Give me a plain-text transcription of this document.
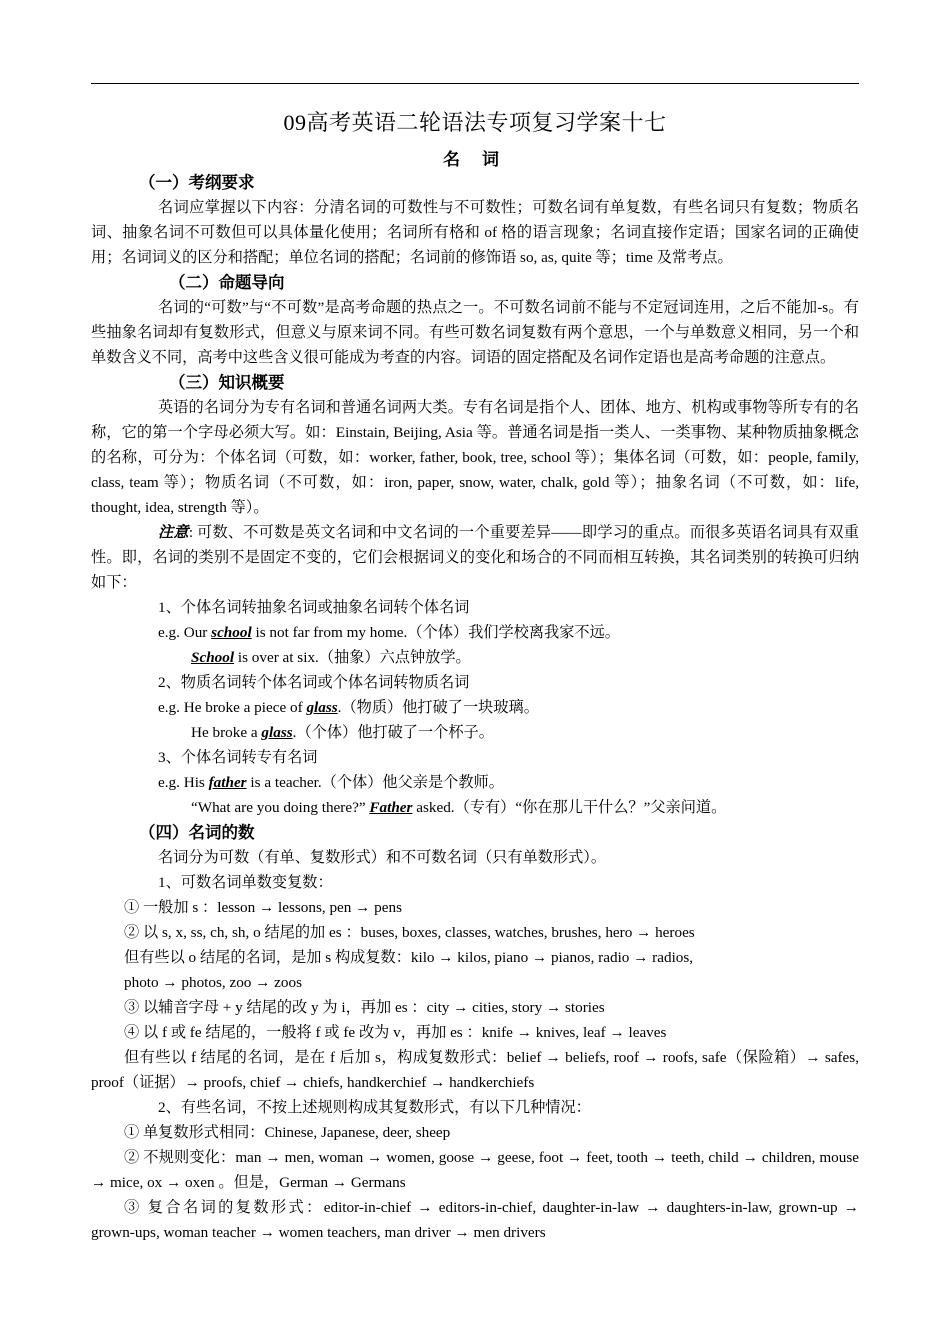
09高考英语二轮语法专项复习学案十七
名 词
（一）考纲要求

名词应掌握以下内容：分清名词的可数性与不可数性；可数名词有单复数，有些名词只有复数；物质名词、抽象名词不可数但可以具体量化使用；名词所有格和 of 格的语言现象；名词直接作定语；国家名词的正确使用；名词词义的区分和搭配；单位名词的搭配；名词前的修饰语 so, as, quite 等；time 及常考点。

（二）命题导向

名词的“可数”与“不可数”是高考命题的热点之一。不可数名词前不能与不定冠词连用，之后不能加-s。有些抽象名词却有复数形式，但意义与原来词不同。有些可数名词复数有两个意思，一个与单数意义相同，另一个和单数含义不同，高考中这些含义很可能成为考查的内容。词语的固定搭配及名词作定语也是高考命题的注意点。

（三）知识概要

英语的名词分为专有名词和普通名词两大类。专有名词是指个人、团体、地方、机构或事物等所专有的名称，它的第一个字母必须大写。如：Einstain, Beijing, Asia 等。普通名词是指一类人、一类事物、某种物质抽象概念的名称，可分为：个体名词（可数，如：worker, father, book, tree, school 等）；集体名词（可数，如：people, family, class, team 等）；物质名词（不可数，如：iron, paper, snow, water, chalk, gold 等）；抽象名词（不可数，如：life, thought, idea, strength 等）。

注意: 可数、不可数是英文名词和中文名词的一个重要差异——即学习的重点。而很多英语名词具有双重性。即，名词的类别不是固定不变的，它们会根据词义的变化和场合的不同而相互转换，其名词类别的转换可归纳如下：

1、个体名词转抽象名词或抽象名词转个体名词

e.g. Our school is not far from my home.（个体）我们学校离我家不远。

School is over at six.（抽象）六点钟放学。

2、物质名词转个体名词或个体名词转物质名词

e.g. He broke a piece of glass.（物质）他打破了一块玻璃。

He broke a glass.（个体）他打破了一个杯子。

3、个体名词转专有名词

e.g. His father is a teacher.（个体）他父亲是个教师。

“What are you doing there?” Father asked.（专有）“你在那儿干什么？”父亲问道。

（四）名词的数

名词分为可数（有单、复数形式）和不可数名词（只有单数形式）。

1、可数名词单数变复数：

① 一般加 s ：lesson → lessons, pen → pens

② 以 s, x, ss, ch, sh, o 结尾的加 es ：buses, boxes, classes, watches, brushes, hero → heroes

但有些以 o 结尾的名词，是加 s 构成复数：kilo → kilos, piano → pianos, radio → radios,

photo → photos, zoo → zoos

③ 以辅音字母 + y 结尾的改 y 为 i，再加 es ：city → cities, story → stories

④ 以 f 或 fe 结尾的，一般将 f 或 fe 改为 v，再加 es ：knife → knives, leaf → leaves

但有些以 f 结尾的名词，是在 f 后加 s，构成复数形式：belief → beliefs, roof → roofs, safe（保险箱）→ safes, proof（证据）→ proofs, chief → chiefs, handkerchief → handkerchiefs

2、有些名词，不按上述规则构成其复数形式，有以下几种情况：

① 单复数形式相同：Chinese, Japanese, deer, sheep

② 不规则变化：man → men, woman → women, goose → geese, foot → feet, tooth → teeth, child → children, mouse → mice, ox → oxen 。但是，German → Germans

③ 复合名词的复数形式：editor-in-chief → editors-in-chief, daughter-in-law → daughters-in-law, grown-up → grown-ups, woman teacher → women teachers, man driver → men drivers
